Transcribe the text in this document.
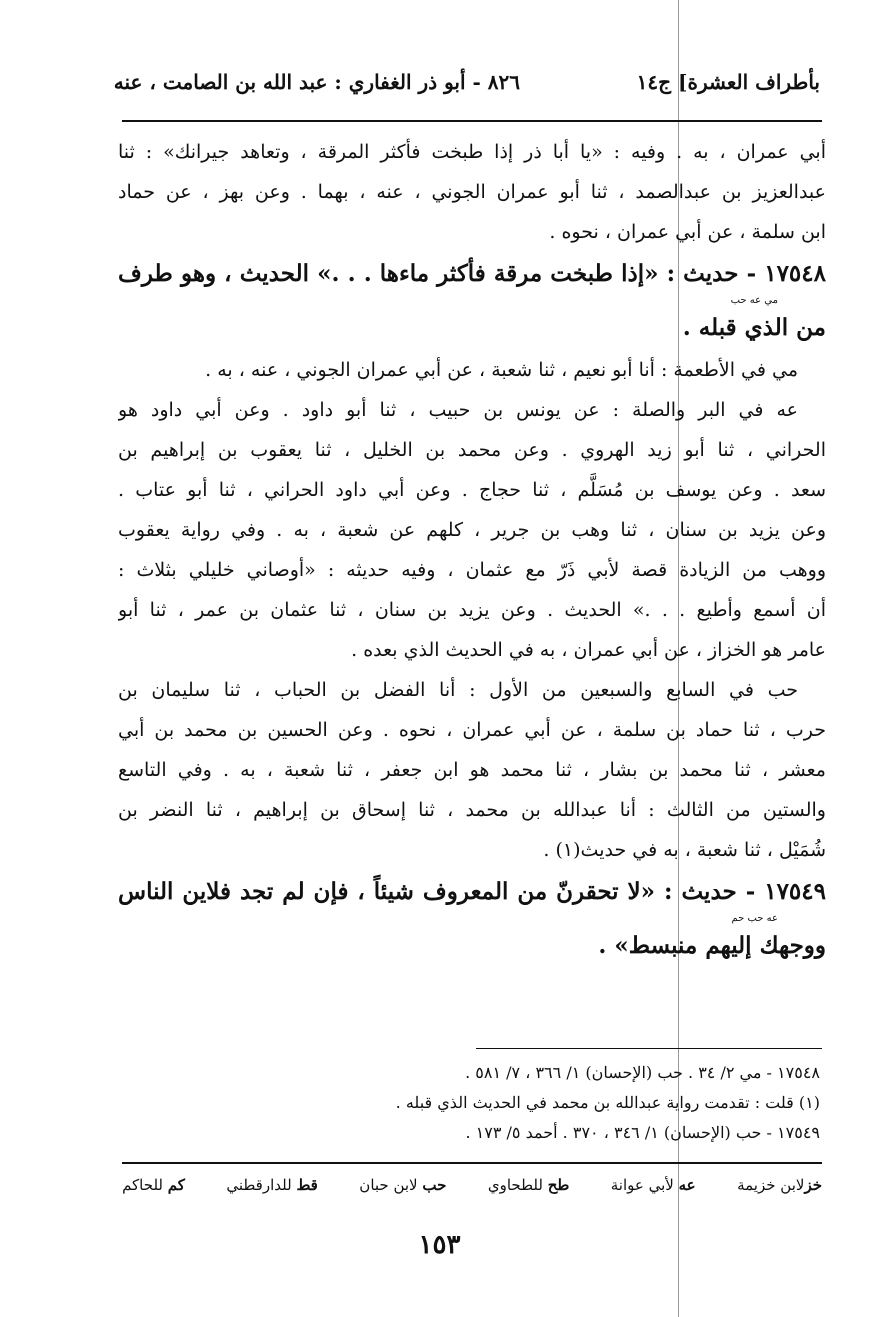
بأطراف العشرة] ج١٤
٨٢٦ - أبو ذر الغفاري : عبد الله بن الصامت ، عنه
أبي عمران ، به . وفيه : «يا أبا ذر إذا طبخت فأكثر المرقة ، وتعاهد جيرانك» : ثنا
عبدالعزيز بن عبدالصمد ، ثنا أبو عمران الجوني ، عنه ، بهما . وعن بهز ، عن حماد
ابن سلمة ، عن أبي عمران ، نحوه .
١٧٥٤٨ - حديث : «إذا طبخت مرقة فأكثر ماءها . . .» الحديث ، وهو طرف
مي عه حب
من الذي قبله .
مي في الأطعمة : أنا أبو نعيم ، ثنا شعبة ، عن أبي عمران الجوني ، عنه ، به .
عه في البر والصلة : عن يونس بن حبيب ، ثنا أبو داود . وعن أبي داود هو
الحراني ، ثنا أبو زيد الهروي . وعن محمد بن الخليل ، ثنا يعقوب بن إبراهيم بن
سعد . وعن يوسف بن مُسَلَّم ، ثنا حجاج . وعن أبي داود الحراني ، ثنا أبو عتاب .
وعن يزيد بن سنان ، ثنا وهب بن جرير ، كلهم عن شعبة ، به . وفي رواية يعقوب
ووهب من الزيادة قصة لأبي ذَرّ مع عثمان ، وفيه حديثه : «أوصاني خليلي بثلاث :
أن أسمع وأطيع . . .» الحديث . وعن يزيد بن سنان ، ثنا عثمان بن عمر ، ثنا أبو
عامر هو الخزاز ، عن أبي عمران ، به في الحديث الذي بعده .
حب في السابع والسبعين من الأول : أنا الفضل بن الحباب ، ثنا سليمان بن
حرب ، ثنا حماد بن سلمة ، عن أبي عمران ، نحوه . وعن الحسين بن محمد بن أبي
معشر ، ثنا محمد بن بشار ، ثنا محمد هو ابن جعفر ، ثنا شعبة ، به . وفي التاسع
والستين من الثالث : أنا عبدالله بن محمد ، ثنا إسحاق بن إبراهيم ، ثنا النضر بن
شُمَيْل ، ثنا شعبة ، به في حديث(١) .
١٧٥٤٩ - حديث : «لا تحقرنّ من المعروف شيئاً ، فإن لم تجد فلاين الناس
عه حب حم
ووجهك إليهم منبسط» .
١٧٥٤٨ - مي ٢/ ٣٤ . حب (الإحسان) ١/ ٣٦٦ ، ٧/ ٥٨١ .
(١) قلت : تقدمت رواية عبدالله بن محمد في الحديث الذي قبله .
١٧٥٤٩ - حب (الإحسان) ١/ ٣٤٦ ، ٣٧٠ . أحمد ٥/ ١٧٣ .
خزلابن خزيمة
عه لأبي عوانة
طح للطحاوي
حب لابن حبان
قط للدارقطني
كم للحاكم
١٥٣
